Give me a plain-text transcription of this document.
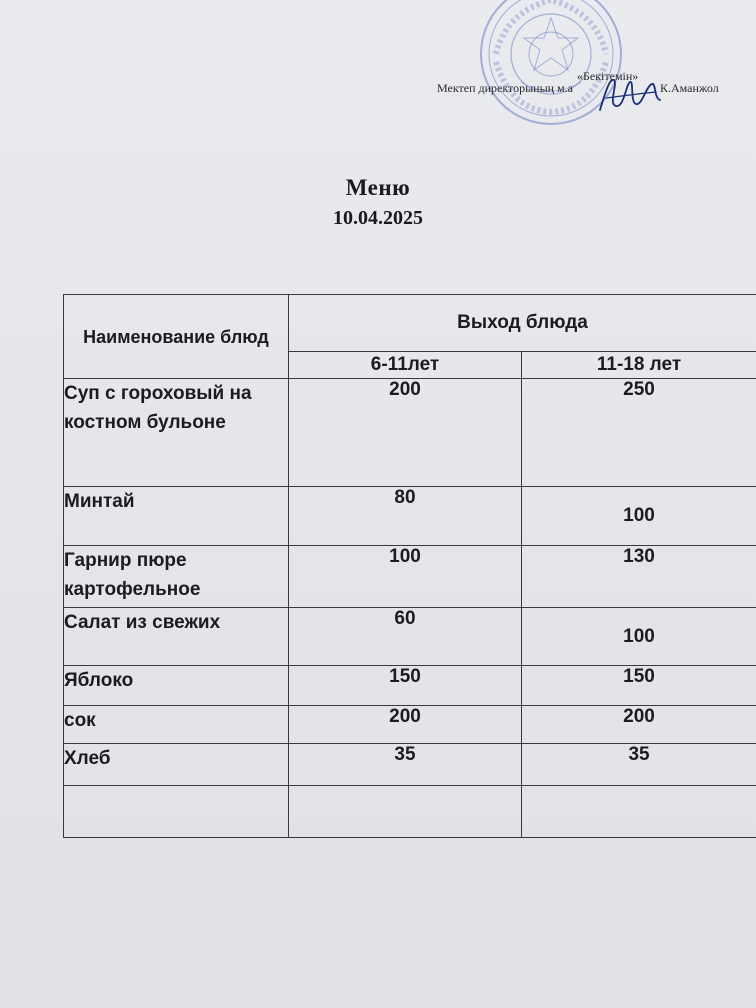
«Бекітемін»
Мектеп директорының м.а	К.Аманжол
Меню
10.04.2025
Наименование блюд	Выход блюда	
	6-11лет	11-18 лет
Суп с гороховый на костном бульоне	200	250
Минтай	80	100
Гарнир пюре картофельное	100	130
Салат из свежих	60	100
Яблоко	150	150
сок	200	200
Хлеб	35	35
